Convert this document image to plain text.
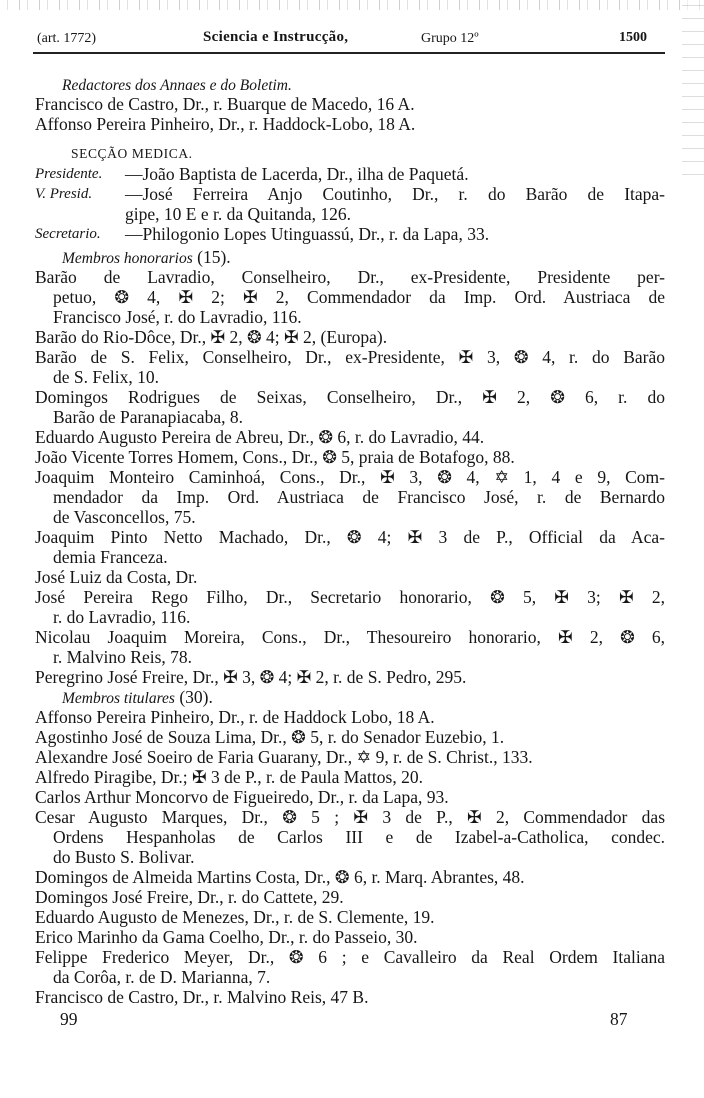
(art. 1772)	Sciencia e Instrucção,	Grupo 12º	1500
Redactores dos Annaes e do Boletim.
Francisco de Castro, Dr., r. Buarque de Macedo, 16 A.
Affonso Pereira Pinheiro, Dr., r. Haddock-Lobo, 18 A.
SECÇÃO MEDICA.
Presidente.	—João Baptista de Lacerda, Dr., ilha de Paquetá.
V. Presid.	—José Ferreira Anjo Coutinho, Dr., r. do Barão de Itapa-
gipe, 10 E e r. da Quitanda, 126.
Secretario.	—Philogonio Lopes Utinguassú, Dr., r. da Lapa, 33.
Membros honorarios (15).
Barão de Lavradio, Conselheiro, Dr., ex-Presidente, Presidente per-
petuo, ❂ 4, ✠ 2; ✠ 2, Commendador da Imp. Ord. Austriaca de
Francisco José, r. do Lavradio, 116.
Barão do Rio-Dôce, Dr., ✠ 2, ❂ 4; ✠ 2, (Europa).
Barão de S. Felix, Conselheiro, Dr., ex-Presidente, ✠ 3, ❂ 4, r. do Barão
de S. Felix, 10.
Domingos Rodrigues de Seixas, Conselheiro, Dr., ✠ 2, ❂ 6, r. do
Barão de Paranapiacaba, 8.
Eduardo Augusto Pereira de Abreu, Dr., ❂ 6, r. do Lavradio, 44.
João Vicente Torres Homem, Cons., Dr., ❂ 5, praia de Botafogo, 88.
Joaquim Monteiro Caminhoá, Cons., Dr., ✠ 3, ❂ 4, ✡ 1, 4 e 9, Com-
mendador da Imp. Ord. Austriaca de Francisco José, r. de Bernardo
de Vasconcellos, 75.
Joaquim Pinto Netto Machado, Dr., ❂ 4; ✠ 3 de P., Official da Aca-
demia Franceza.
José Luiz da Costa, Dr.
José Pereira Rego Filho, Dr., Secretario honorario, ❂ 5, ✠ 3; ✠ 2,
r. do Lavradio, 116.
Nicolau Joaquim Moreira, Cons., Dr., Thesoureiro honorario, ✠ 2, ❂ 6,
r. Malvino Reis, 78.
Peregrino José Freire, Dr., ✠ 3, ❂ 4; ✠ 2, r. de S. Pedro, 295.
Membros titulares (30).
Affonso Pereira Pinheiro, Dr., r. de Haddock Lobo, 18 A.
Agostinho José de Souza Lima, Dr., ❂ 5, r. do Senador Euzebio, 1.
Alexandre José Soeiro de Faria Guarany, Dr., ✡ 9, r. de S. Christ., 133.
Alfredo Piragibe, Dr.; ✠ 3 de P., r. de Paula Mattos, 20.
Carlos Arthur Moncorvo de Figueiredo, Dr., r. da Lapa, 93.
Cesar Augusto Marques, Dr., ❂ 5 ; ✠ 3 de P., ✠ 2, Commendador das
Ordens Hespanholas de Carlos III e de Izabel-a-Catholica, condec.
do Busto S. Bolivar.
Domingos de Almeida Martins Costa, Dr., ❂ 6, r. Marq. Abrantes, 48.
Domingos José Freire, Dr., r. do Cattete, 29.
Eduardo Augusto de Menezes, Dr., r. de S. Clemente, 19.
Erico Marinho da Gama Coelho, Dr., r. do Passeio, 30.
Felippe Frederico Meyer, Dr., ❂ 6 ; e Cavalleiro da Real Ordem Italiana
da Corôa, r. de D. Marianna, 7.
Francisco de Castro, Dr., r. Malvino Reis, 47 B.
99	87
